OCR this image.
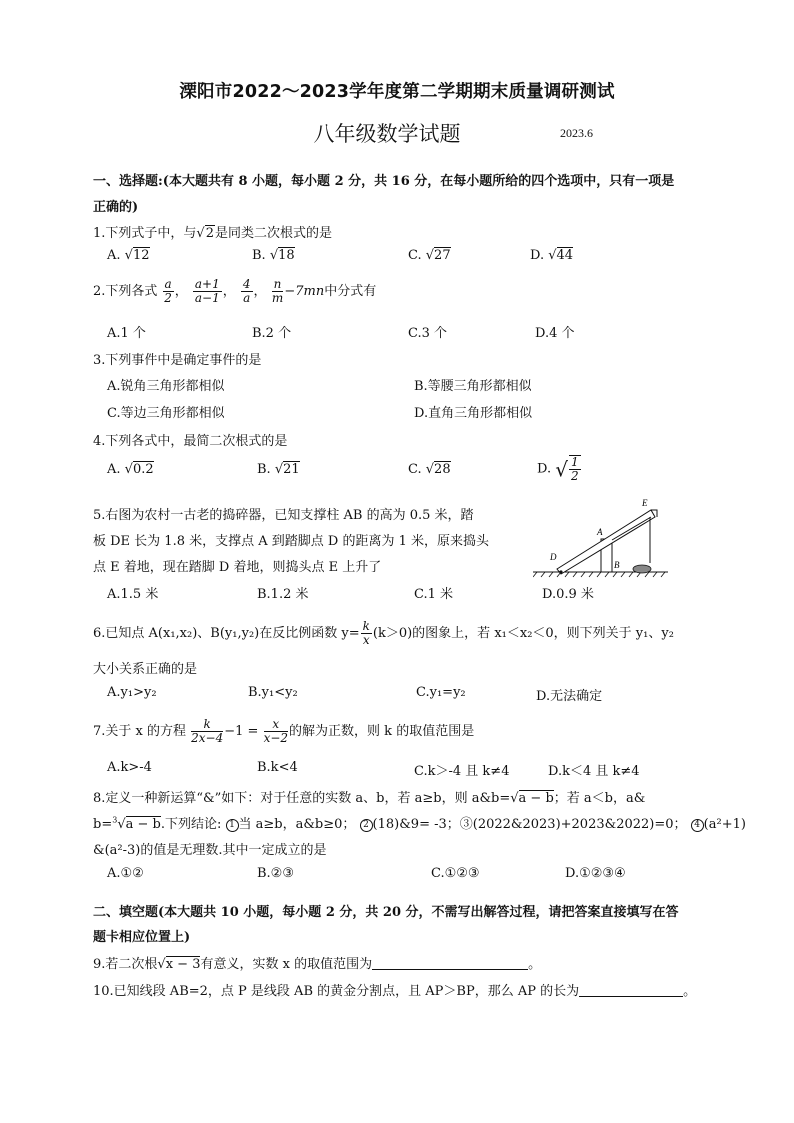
溧阳市2022～2023学年度第二学期期末质量调研测试
八年级数学试题	2023.6
一、选择题:(本大题共有 8 小题，每小题 2 分，共 16 分，在每小题所给的四个选项中，只有一项是
正确的)
1.下列式子中，与√2是同类二次根式的是
A. √12	B. √18	C. √27	D. √44
2.下列各式 $\frac{a}{2}$ ， $\frac{a+1}{a-1}$ ， $\frac{4}{a}$ ， $\frac{n}{m} -7mn$中分式有
A.1 个	B.2 个	C.3 个	D.4 个
3.下列事件中是确定事件的是
A.锐角三角形都相似	B.等腰三角形都相似
C.等边三角形都相似	D.直角三角形都相似
4.下列各式中，最简二次根式的是
A. √0.2	B. √21	C. √28	D. √ $\frac{1}{2}$
5.右图为农村一古老的捣碎器，已知支撑柱 AB 的高为 0.5 米，踏
板 DE 长为 1.8 米，支撑点 A 到踏脚点 D 的距离为 1 米，原来捣头
点 E 着地，现在踏脚 D 着地，则捣头点 E 上升了
A.1.5 米	B.1.2 米	C.1 米	D.0.9 米
E
A
D
B
6.已知点 A(x₁,x₂)、B(y₁,y₂)在反比例函数 $y= \frac{k}{x} (k>0)$的图象上，若 x₁＜x₂＜0，则下列关于 y₁、y₂
大小关系正确的是
A.y₁>y₂	B.y₁<y₂	C.y₁=y₂	D.无法确定
7.关于 x 的方程 $\frac{k}{2x-4} -1 = \frac{x}{x-2}$ 的解为正数，则 k 的取值范围是
A.k>-4	B.k<4	C.k＞-4 且 k≠4	D.k＜4 且 k≠4
8.定义一种新运算“&”如下：对于任意的实数 a、b，若 a≥b，则 a&b=√a − b；若 a＜b，a&
b=$^3$√a − b.下列结论: 1 当 a≥b，a&b≥0； 2 (18)&9= -3；③(2022&2023)+2023&2022)=0； 4 (a²+1)
&(a²-3)的值是无理数.其中一定成立的是
A.①②	B.②③	C.①②③	D.①②③④
二、填空题(本大题共 10 小题，每小题 2 分，共 20 分，不需写出解答过程，请把答案直接填写在答
题卡相应位置上)
9.若二次根√x − 3有意义，实数 x 的取值范围为	。
10.已知线段 AB=2，点 P 是线段 AB 的黄金分割点，且 AP＞BP，那么 AP 的长为	。
